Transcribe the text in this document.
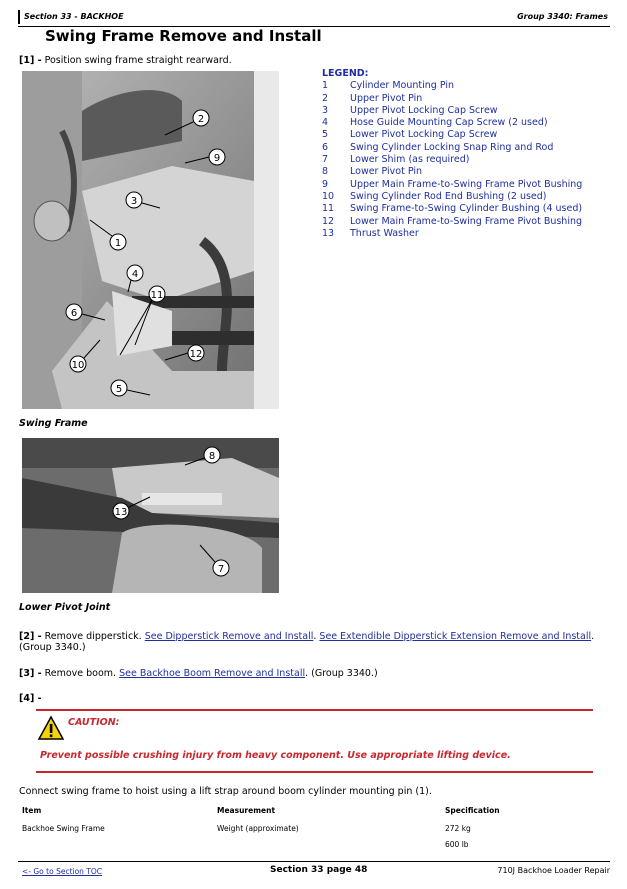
Section 33 - BACKHOE	Group 3340: Frames
Swing Frame Remove and Install
[1] - Position swing frame straight rearward.
2
9
3
1
4
11
6
12
10
5
Swing Frame
LEGEND:
1	Cylinder Mounting Pin
2	Upper Pivot Pin
3	Upper Pivot Locking Cap Screw
4	Hose Guide Mounting Cap Screw (2 used)
5	Lower Pivot Locking Cap Screw
6	Swing Cylinder Locking Snap Ring and Rod
7	Lower Shim (as required)
8	Lower Pivot Pin
9	Upper Main Frame-to-Swing Frame Pivot Bushing
10	Swing Cylinder Rod End Bushing (2 used)
11	Swing Frame-to-Swing Cylinder Bushing (4 used)
12	Lower Main Frame-to-Swing Frame Pivot Bushing
13	Thrust Washer
8
13
7
Lower Pivot Joint
[2] - Remove dipperstick. See Dipperstick Remove and Install. See Extendible Dipperstick Extension Remove and Install. (Group 3340.)
[3] - Remove boom. See Backhoe Boom Remove and Install. (Group 3340.)
[4] -
CAUTION:
Prevent possible crushing injury from heavy component. Use appropriate lifting device.
Connect swing frame to hoist using a lift strap around boom cylinder mounting pin (1).
Item	Measurement	Specification
Backhoe Swing Frame	Weight (approximate)	272 kg
600 lb
<- Go to Section TOC	Section 33 page 48	710J Backhoe Loader Repair
